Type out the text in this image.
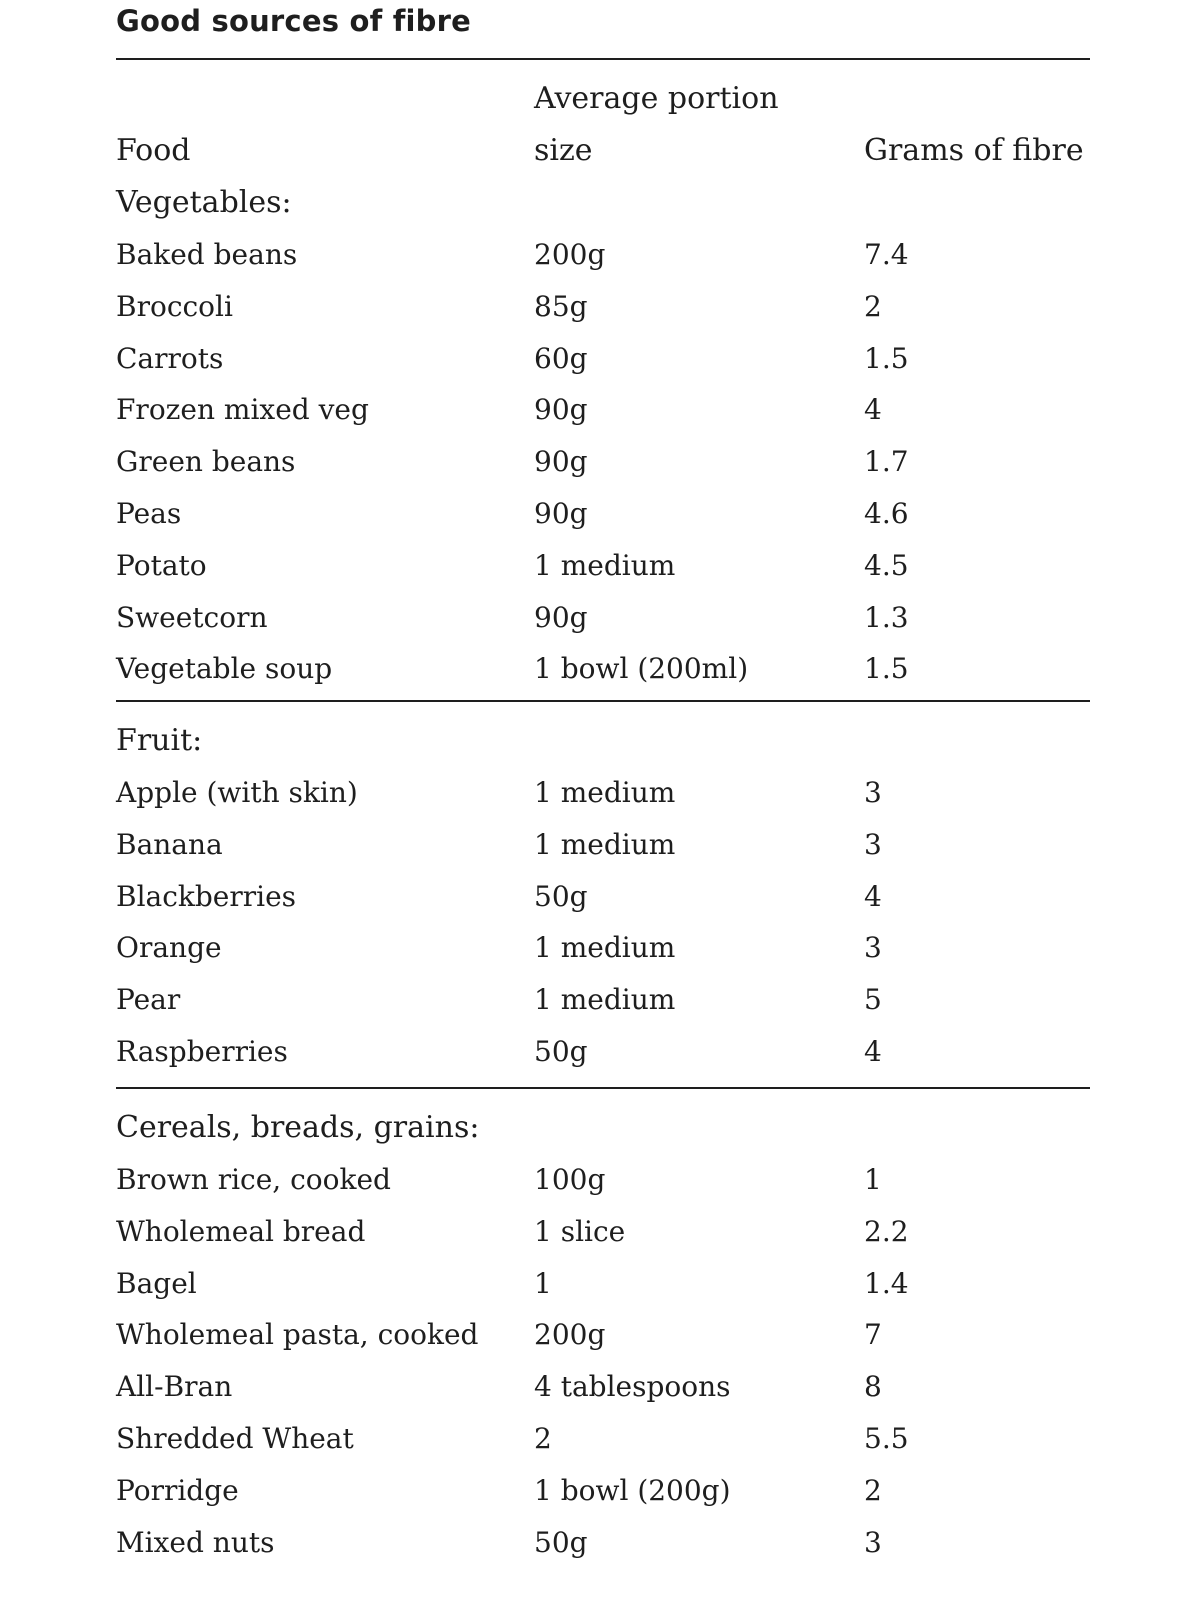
Good sources of fibre
Average portion
Food	size	Grams of fibre
Vegetables:
Baked beans	200g	7.4
Broccoli	85g	2
Carrots	60g	1.5
Frozen mixed veg	90g	4
Green beans	90g	1.7
Peas	90g	4.6
Potato	1 medium	4.5
Sweetcorn	90g	1.3
Vegetable soup	1 bowl (200ml)	1.5
Fruit:
Apple (with skin)	1 medium	3
Banana	1 medium	3
Blackberries	50g	4
Orange	1 medium	3
Pear	1 medium	5
Raspberries	50g	4
Cereals, breads, grains:
Brown rice, cooked	100g	1
Wholemeal bread	1 slice	2.2
Bagel	1	1.4
Wholemeal pasta, cooked 200g	7
All-Bran	4 tablespoons	8
Shredded Wheat	2	5.5
Porridge	1 bowl (200g)	2
Mixed nuts	50g	3
